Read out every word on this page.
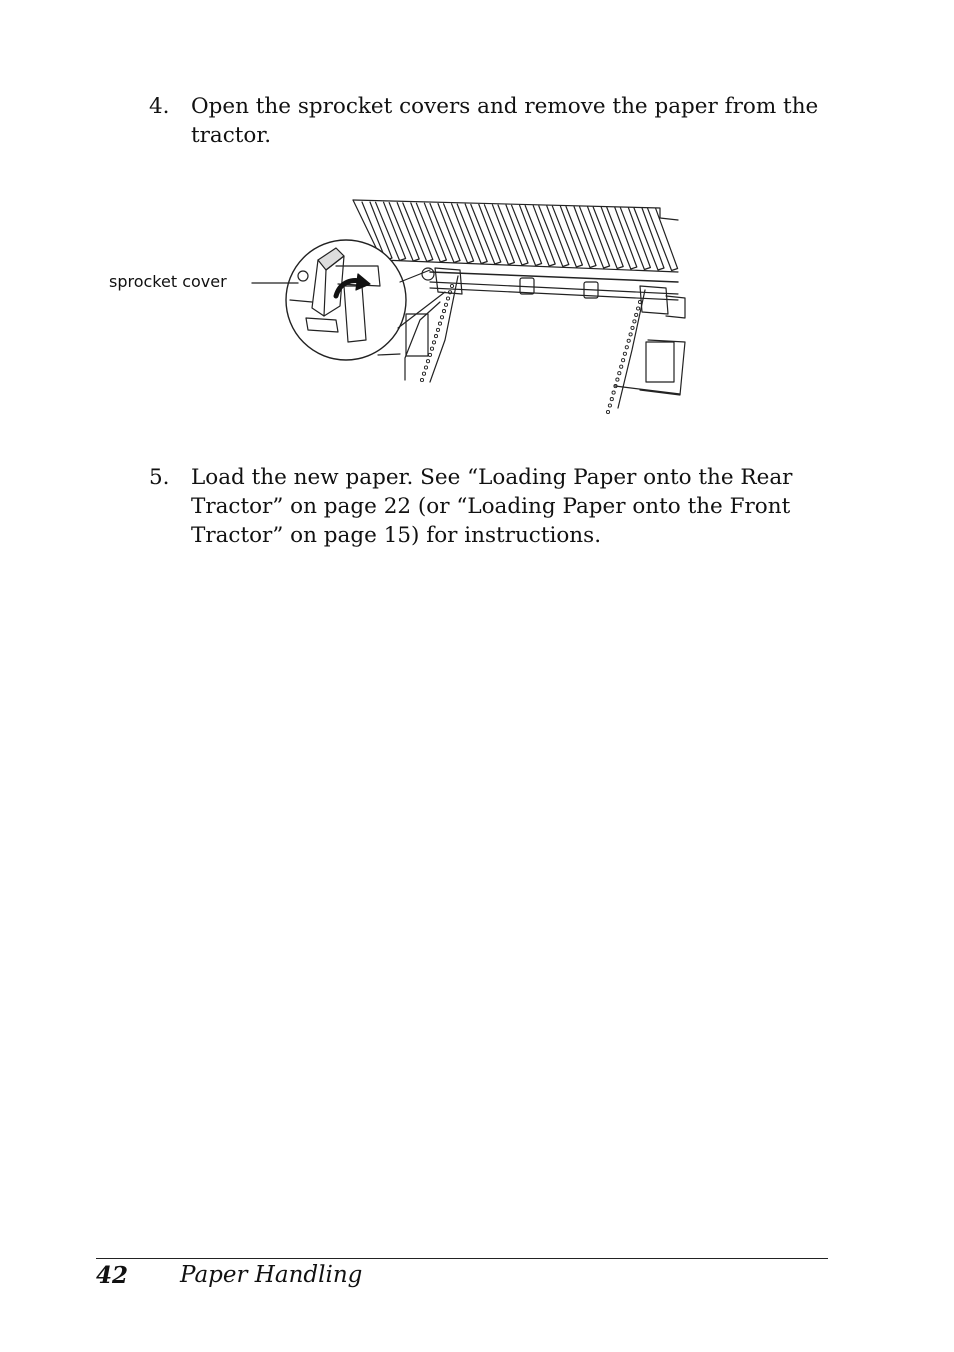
4. Open the sprocket covers and remove the paper from the
tractor.
sprocket cover
5. Load the new paper. See “Loading Paper onto the Rear
Tractor” on page 22 (or “Loading Paper onto the Front
Tractor” on page 15) for instructions.
42 Paper Handling
